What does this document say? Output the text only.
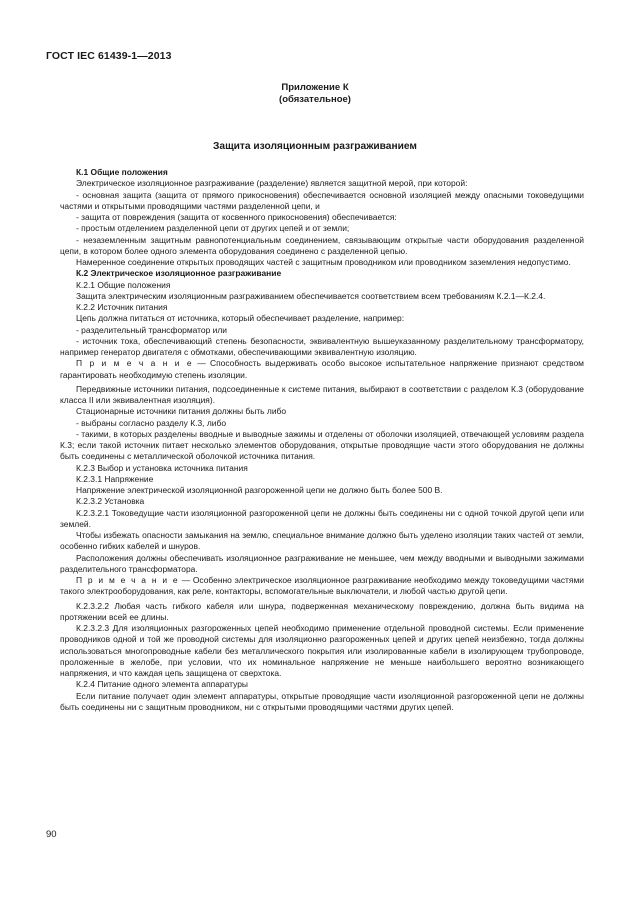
ГОСТ IEC 61439-1—2013
Приложение К
(обязательное)
Защита изоляционным разграживанием

К.1 Общие положения

Электрическое изоляционное разграживание (разделение) является защитной мерой, при которой:

- основная защита (защита от прямого прикосновения) обеспечивается основной изоляцией между опасными токоведущими частями и открытыми проводящими частями разделенной цепи, и

- защита от повреждения (защита от косвенного прикосновения) обеспечивается:

- простым отделением разделенной цепи от других цепей и от земли;

- незаземленным защитным равнопотенциальным соединением, связывающим открытые части оборудования разделенной цепи, в котором более одного элемента оборудования соединено с разделенной цепью.

Намеренное соединение открытых проводящих частей с защитным проводником или проводником заземления недопустимо.

К.2 Электрическое изоляционное разграживание

К.2.1 Общие положения

Защита электрическим изоляционным разграживанием обеспечивается соответствием всем требованиям К.2.1—К.2.4.

К.2.2 Источник питания

Цепь должна питаться от источника, который обеспечивает разделение, например:

- разделительный трансформатор или

- источник тока, обеспечивающий степень безопасности, эквивалентную вышеуказанному разделительному трансформатору, например генератор двигателя с обмотками, обеспечивающими эквивалентную изоляцию.

П р и м е ч а н и е — Способность выдерживать особо высокое испытательное напряжение признают средством гарантировать необходимую степень изоляции.

Передвижные источники питания, подсоединенные к системе питания, выбирают в соответствии с разделом К.3 (оборудование класса II или эквивалентная изоляция).

Стационарные источники питания должны быть либо

- выбраны согласно разделу К.3, либо

- такими, в которых разделены вводные и выводные зажимы и отделены от оболочки изоляцией, отвечающей условиям раздела К.3; если такой источник питает несколько элементов оборудования, открытые проводящие части этого оборудования не должны быть соединены с металлической оболочкой источника питания.

К.2.3 Выбор и установка источника питания

К.2.3.1 Напряжение

Напряжение электрической изоляционной разгороженной цепи не должно быть более 500 В.

К.2.3.2 Установка

К.2.3.2.1 Токоведущие части изоляционной разгороженной цепи не должны быть соединены ни с одной точкой другой цепи или землей.

Чтобы избежать опасности замыкания на землю, специальное внимание должно быть уделено изоляции таких частей от земли, особенно гибких кабелей и шнуров.

Расположения должны обеспечивать изоляционное разграживание не меньшее, чем между вводными и выводными зажимами разделительного трансформатора.

П р и м е ч а н и е — Особенно электрическое изоляционное разграживание необходимо между токоведущими частями такого электрооборудования, как реле, контакторы, вспомогательные выключатели, и любой частью другой цепи.

К.2.3.2.2 Любая часть гибкого кабеля или шнура, подверженная механическому повреждению, должна быть видима на протяжении всей ее длины.

К.2.3.2.3 Для изоляционных разгороженных цепей необходимо применение отдельной проводной системы. Если применение проводников одной и той же проводной системы для изоляционно разгороженных цепей и других цепей неизбежно, тогда должны использоваться многопроводные кабели без металлического покрытия или изолированные кабели в изолирующем трубопроводе, проложенные в желобе, при условии, что их номинальное напряжение не меньше наибольшего вероятно возникающего напряжения, и что каждая цепь защищена от сверхтока.

К.2.4 Питание одного элемента аппаратуры

Если питание получает один элемент аппаратуры, открытые проводящие части изоляционной разгороженной цепи не должны быть соединены ни с защитным проводником, ни с открытыми проводящими частями других цепей.

90
